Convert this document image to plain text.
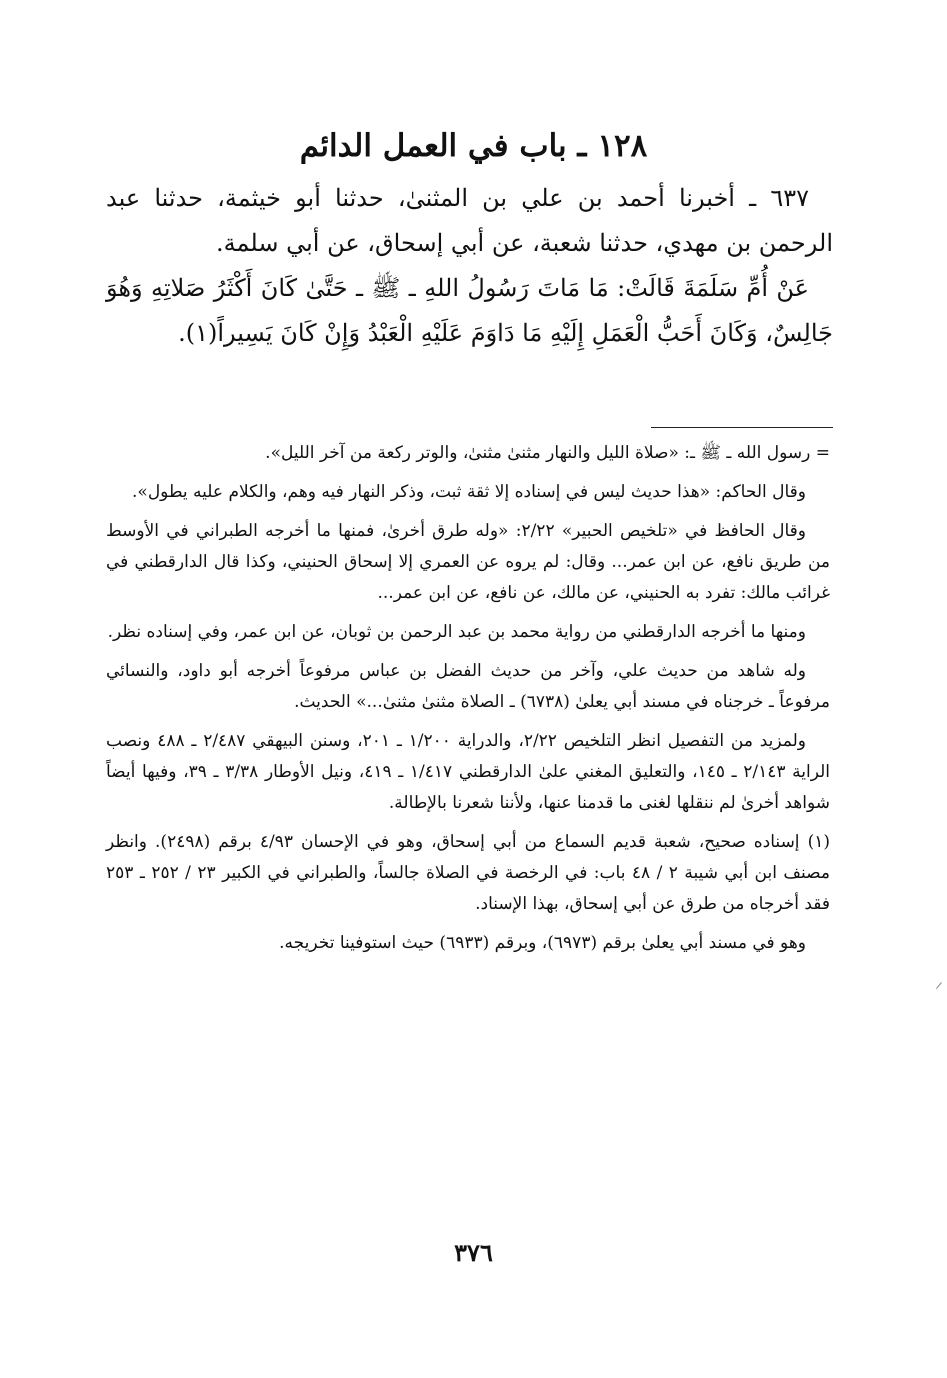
١٢٨ ـ باب في العمل الدائم

٦٣٧ ـ أخبرنا أحمد بن علي بن المثنىٰ، حدثنا أبو خيثمة، حدثنا عبد الرحمن بن مهدي، حدثنا شعبة، عن أبي إسحاق، عن أبي سلمة.

عَنْ أُمِّ سَلَمَةَ قَالَتْ: مَا مَاتَ رَسُولُ اللهِ ـ ﷺ ـ حَتَّىٰ كَانَ أَكْثَرُ صَلاتِهِ وَهُوَ جَالِسٌ، وَكَانَ أَحَبُّ الْعَمَلِ إِلَيْهِ مَا دَاوَمَ عَلَيْهِ الْعَبْدُ وَإِنْ كَانَ يَسِيراً(١).

= رسول الله ـ ﷺ ـ: «صلاة الليل والنهار مثنىٰ مثنىٰ، والوتر ركعة من آخر الليل».

وقال الحاكم: «هذا حديث ليس في إسناده إلا ثقة ثبت، وذكر النهار فيه وهم، والكلام عليه يطول».

وقال الحافظ في «تلخيص الحبير» ٢/٢٢: «وله طرق أخرىٰ، فمنها ما أخرجه الطبراني في الأوسط من طريق نافع، عن ابن عمر... وقال: لم يروه عن العمري إلا إسحاق الحنيني، وكذا قال الدارقطني في غرائب مالك: تفرد به الحنيني، عن مالك، عن نافع، عن ابن عمر...

ومنها ما أخرجه الدارقطني من رواية محمد بن عبد الرحمن بن ثوبان، عن ابن عمر، وفي إسناده نظر.

وله شاهد من حديث علي، وآخر من حديث الفضل بن عباس مرفوعاً أخرجه أبو داود، والنسائي مرفوعاً ـ خرجناه في مسند أبي يعلىٰ (٦٧٣٨) ـ الصلاة مثنىٰ مثنىٰ...» الحديث.

ولمزيد من التفصيل انظر التلخيص ٢/٢٢، والدراية ١/٢٠٠ ـ ٢٠١، وسنن البيهقي ٢/٤٨٧ ـ ٤٨٨ ونصب الراية ٢/١٤٣ ـ ١٤٥، والتعليق المغني علىٰ الدارقطني ١/٤١٧ ـ ٤١٩، ونيل الأوطار ٣/٣٨ ـ ٣٩، وفيها أيضاً شواهد أخرىٰ لم ننقلها لغنى ما قدمنا عنها، ولأننا شعرنا بالإطالة.

(١) إسناده صحيح، شعبة قديم السماع من أبي إسحاق، وهو في الإحسان ٤/٩٣ برقم (٢٤٩٨). وانظر مصنف ابن أبي شيبة ٢ / ٤٨ باب: في الرخصة في الصلاة جالساً، والطبراني في الكبير ٢٣ / ٢٥٢ ـ ٢٥٣ فقد أخرجاه من طرق عن أبي إسحاق، بهذا الإسناد.

وهو في مسند أبي يعلىٰ برقم (٦٩٧٣)، وبرقم (٦٩٣٣) حيث استوفينا تخريجه.

٣٧٦
